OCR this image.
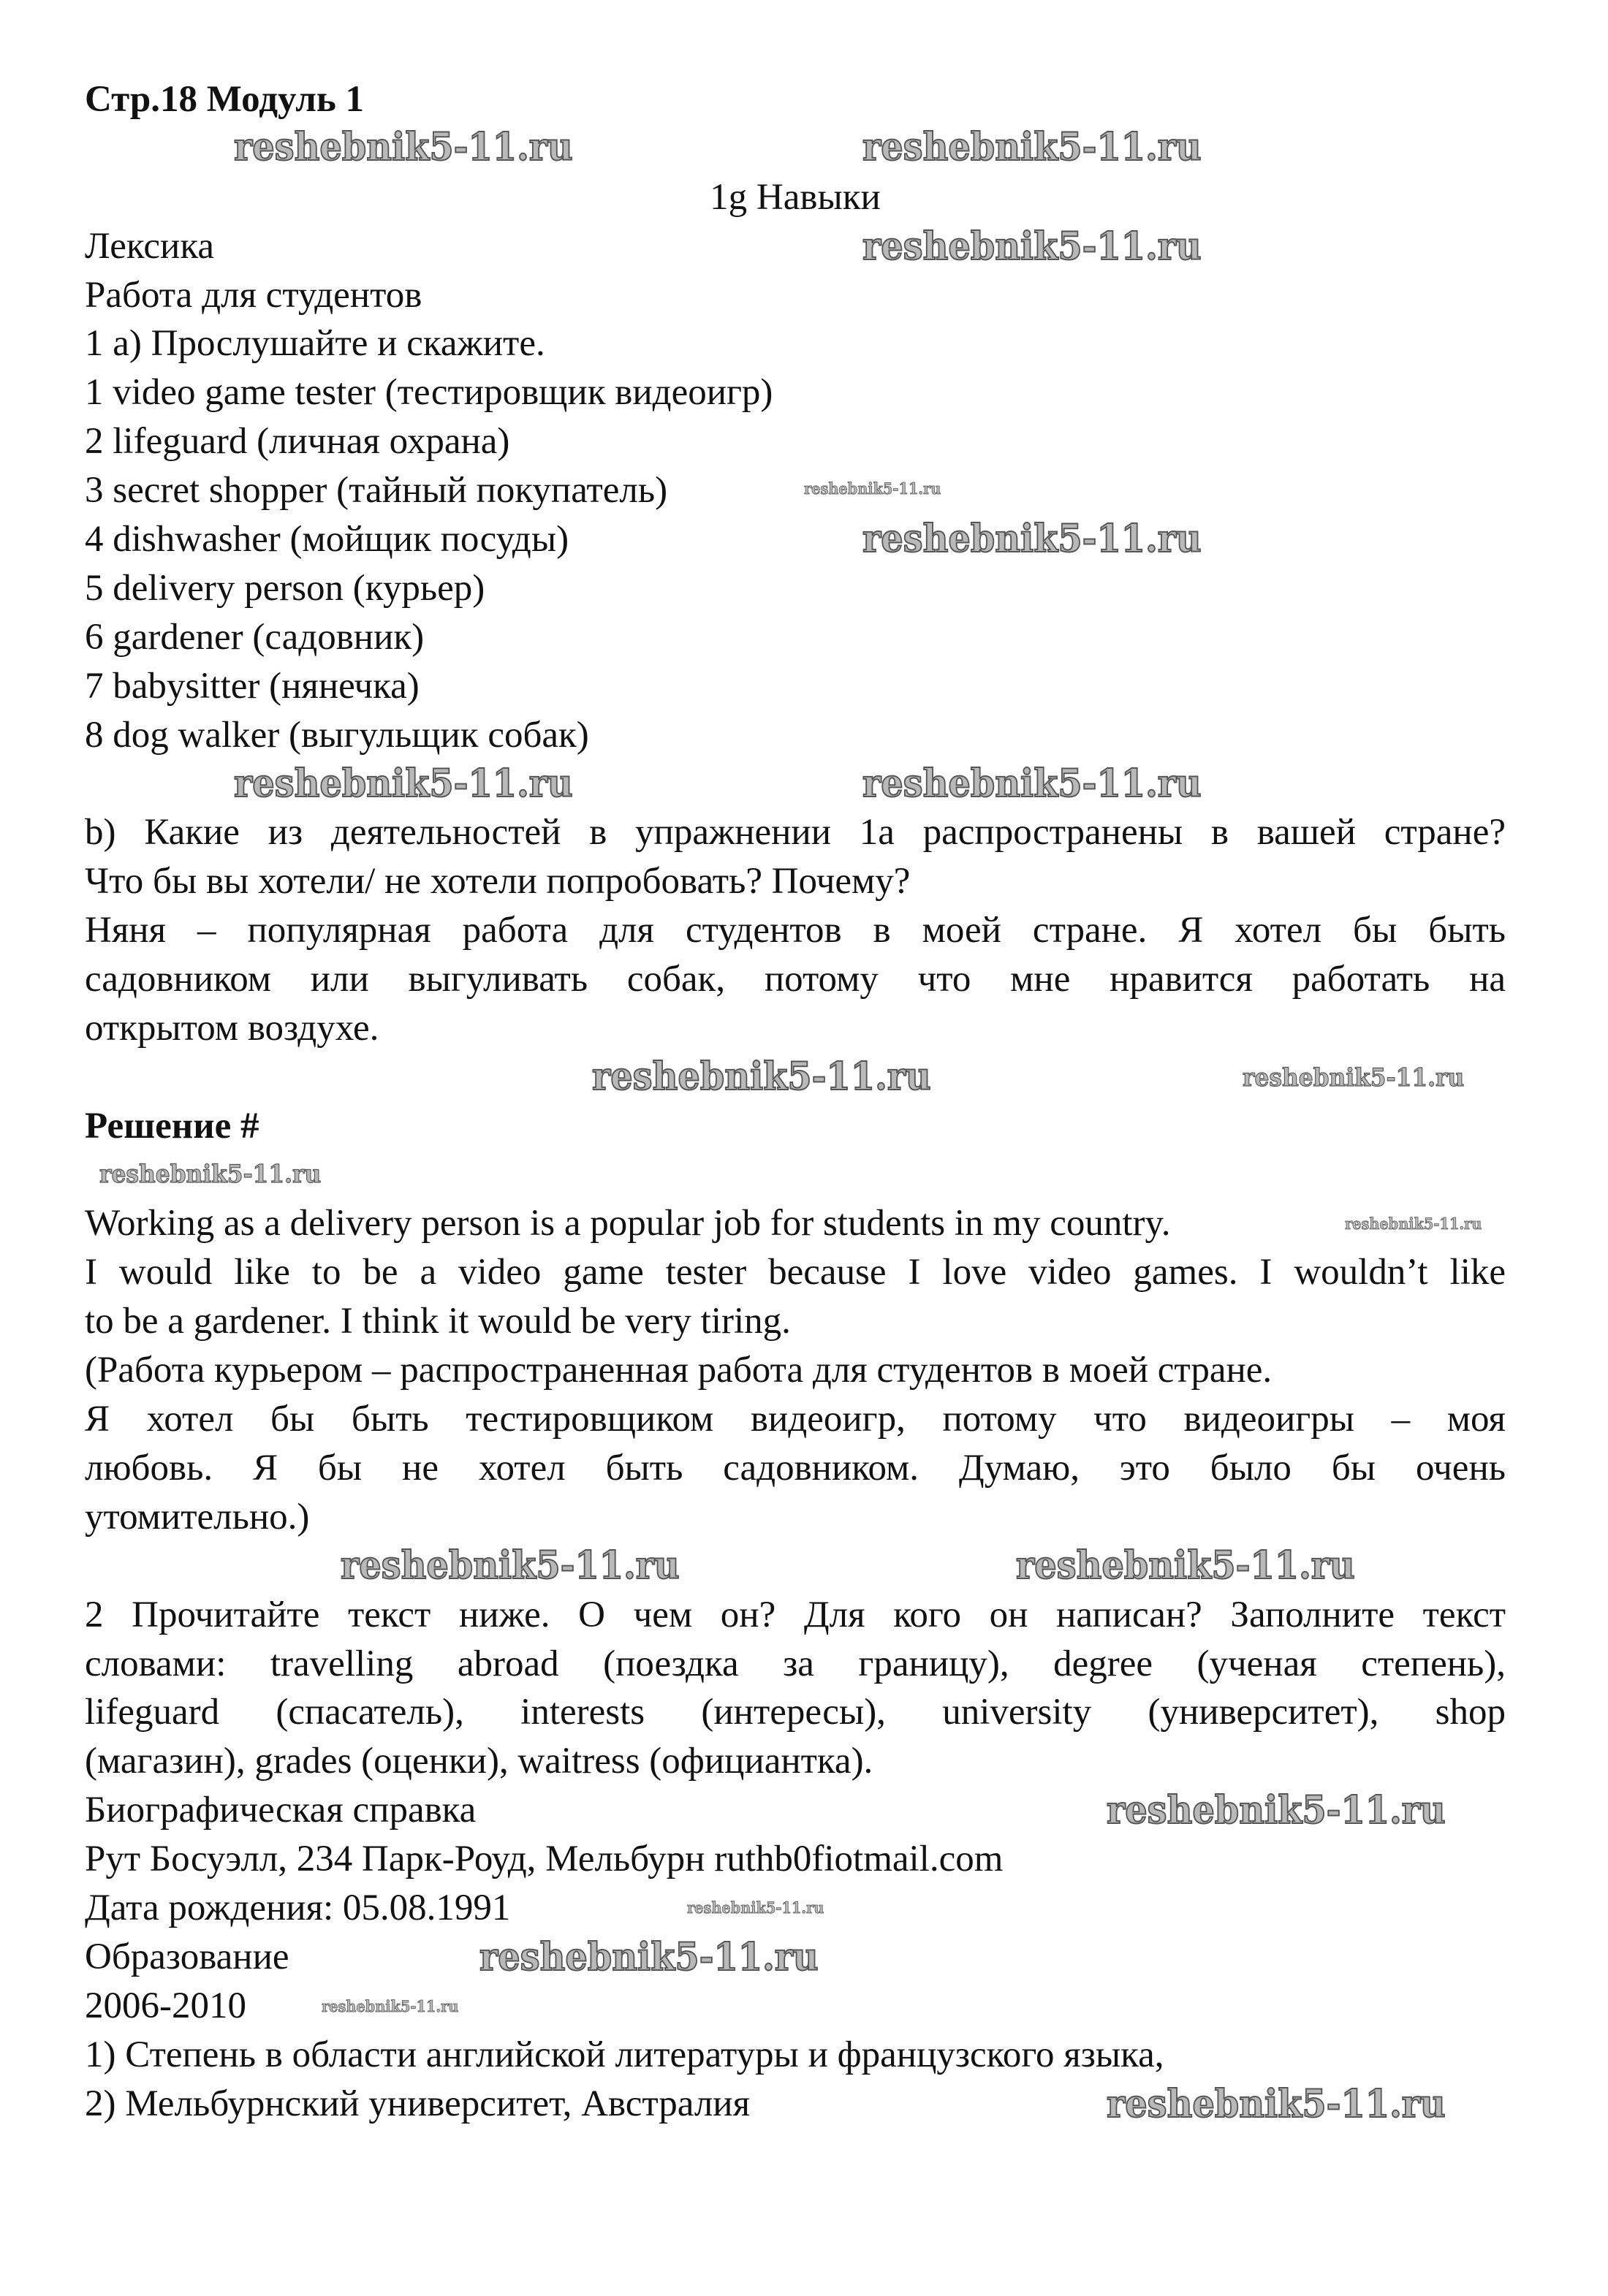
Стр.18 Модуль 1
1g Навыки
Лексика
Работа для студентов
1 a) Прослушайте и скажите.
1 video game tester (тестировщик видеоигр)
2 lifeguard (личная охрана)
3 secret shopper (тайный покупатель)
4 dishwasher (мойщик посуды)
5 delivery person (курьер)
6 gardener (садовник)
7 babysitter (нянечка)
8 dog walker (выгульщик собак)
b) Какие из деятельностей в упражнении 1a распространены в вашей стране?
Что бы вы хотели/ не хотели попробовать? Почему?
Няня – популярная работа для студентов в моей стране. Я хотел бы быть
садовником или выгуливать собак, потому что мне нравится работать на
открытом воздухе.
Решение #
Working as a delivery person is a popular job for students in my country.
I would like to be a video game tester because I love video games. I wouldn’t like
to be a gardener. I think it would be very tiring.
(Работа курьером – распространенная работа для студентов в моей стране.
Я хотел бы быть тестировщиком видеоигр, потому что видеоигры – моя
любовь. Я бы не хотел быть садовником. Думаю, это было бы очень
утомительно.)
2 Прочитайте текст ниже. О чем он? Для кого он написан? Заполните текст
словами: travelling abroad (поездка за границу), degree (ученая степень),
lifeguard (спасатель), interests (интересы), university (университет), shop
(магазин), grades (оценки), waitress (официантка).
Биографическая справка
Рут Босуэлл, 234 Парк-Роуд, Мельбурн ruthb0fiotmail.com
Дата рождения: 05.08.1991
Образование
2006-2010
1) Степень в области английской литературы и французского языка,
2) Мельбурнский университет, Австралия
reshebnik5-11.ru	reshebnik5-11.ru
reshebnik5-11.ru
reshebnik5-11.ru
reshebnik5-11.ru
reshebnik5-11.ru	reshebnik5-11.ru
reshebnik5-11.ru	reshebnik5-11.ru
reshebnik5-11.ru
reshebnik5-11.ru
reshebnik5-11.ru	reshebnik5-11.ru
reshebnik5-11.ru
reshebnik5-11.ru
reshebnik5-11.ru
reshebnik5-11.ru
reshebnik5-11.ru
